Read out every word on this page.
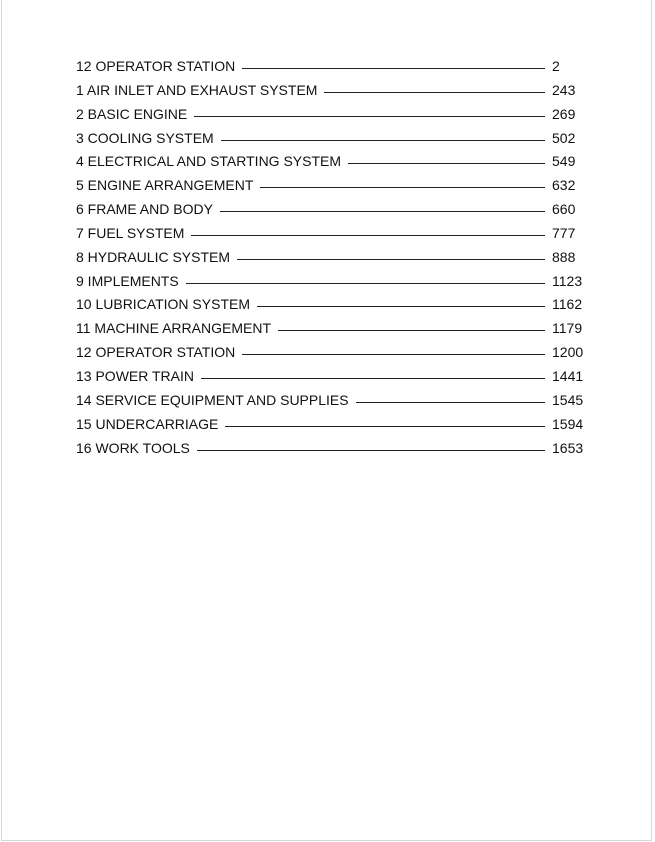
12 OPERATOR STATION	2
1 AIR INLET AND EXHAUST SYSTEM	243
2 BASIC ENGINE	269
3 COOLING SYSTEM	502
4 ELECTRICAL AND STARTING SYSTEM	549
5 ENGINE ARRANGEMENT	632
6 FRAME AND BODY	660
7 FUEL SYSTEM	777
8 HYDRAULIC SYSTEM	888
9 IMPLEMENTS	1123
10 LUBRICATION SYSTEM	1162
11 MACHINE ARRANGEMENT	1179
12 OPERATOR STATION	1200
13 POWER TRAIN	1441
14 SERVICE EQUIPMENT AND SUPPLIES	1545
15 UNDERCARRIAGE	1594
16 WORK TOOLS	1653
